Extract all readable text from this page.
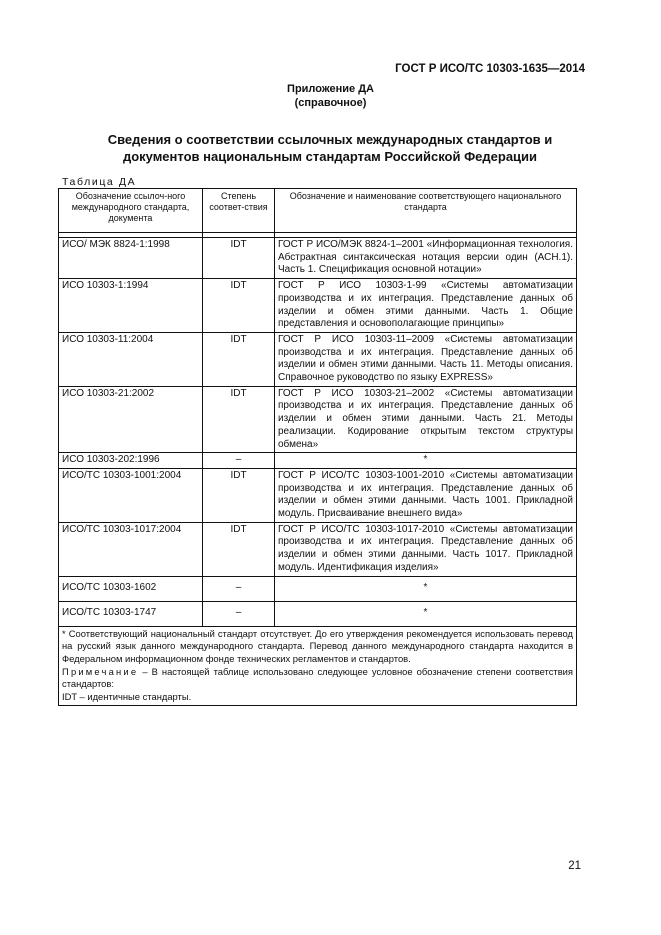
ГОСТ Р ИСО/ТС 10303-1635—2014
Приложение ДА
(справочное)
Сведения о соответствии ссылочных международных стандартов и
документов национальным стандартам Российской Федерации
Таблица ДА
Обозначение ссылоч-ного международного стандарта, документа	Степень соответ-ствия	Обозначение и наименование соответствующего национального стандарта

ИСО/ МЭК 8824-1:1998	IDT	ГОСТ Р ИСО/МЭК 8824-1–2001 «Информационная технология. Абстрактная синтаксическая нотация версии один (АСН.1). Часть 1. Спецификация основной нотации»
ИСО 10303-1:1994	IDT	ГОСТ Р ИСО 10303-1-99 «Системы автоматизации производства и их интеграция. Представление данных об изделии и обмен этими данными. Часть 1. Общие представления и основополагающие принципы»
ИСО 10303-11:2004	IDT	ГОСТ Р ИСО 10303-11–2009 «Системы автоматизации производства и их интеграция. Представление данных об изделии и обмен этими данными. Часть 11. Методы описания. Справочное руководство по языку EXPRESS»
ИСО 10303-21:2002	IDT	ГОСТ Р ИСО 10303-21–2002 «Системы автоматизации производства и их интеграция. Представление данных об изделии и обмен этими данными. Часть 21. Методы реализации. Кодирование открытым текстом структуры обмена»
ИСО 10303-202:1996	–	*
ИСО/ТС 10303-1001:2004	IDT	ГОСТ Р ИСО/ТС 10303-1001-2010 «Системы автоматизации производства и их интеграция. Представление данных об изделии и обмен этими данными. Часть 1001. Прикладной модуль. Присваивание внешнего вида»
ИСО/ТС 10303-1017:2004	IDT	ГОСТ Р ИСО/ТС 10303-1017-2010 «Системы автоматизации производства и их интеграция. Представление данных об изделии и обмен этими данными. Часть 1017. Прикладной модуль. Идентификация изделия»
ИСО/ТС 10303-1602	–	*
ИСО/ТС 10303-1747	–	*

* Соответствующий национальный стандарт отсутствует. До его утверждения рекомендуется использовать перевод на русский язык данного международного стандарта. Перевод данного международного стандарта находится в Федеральном информационном фонде технических регламентов и стандартов.
Примечание – В настоящей таблице использовано следующее условное обозначение степени соответствия стандартов:
IDT – идентичные стандарты.		
21
